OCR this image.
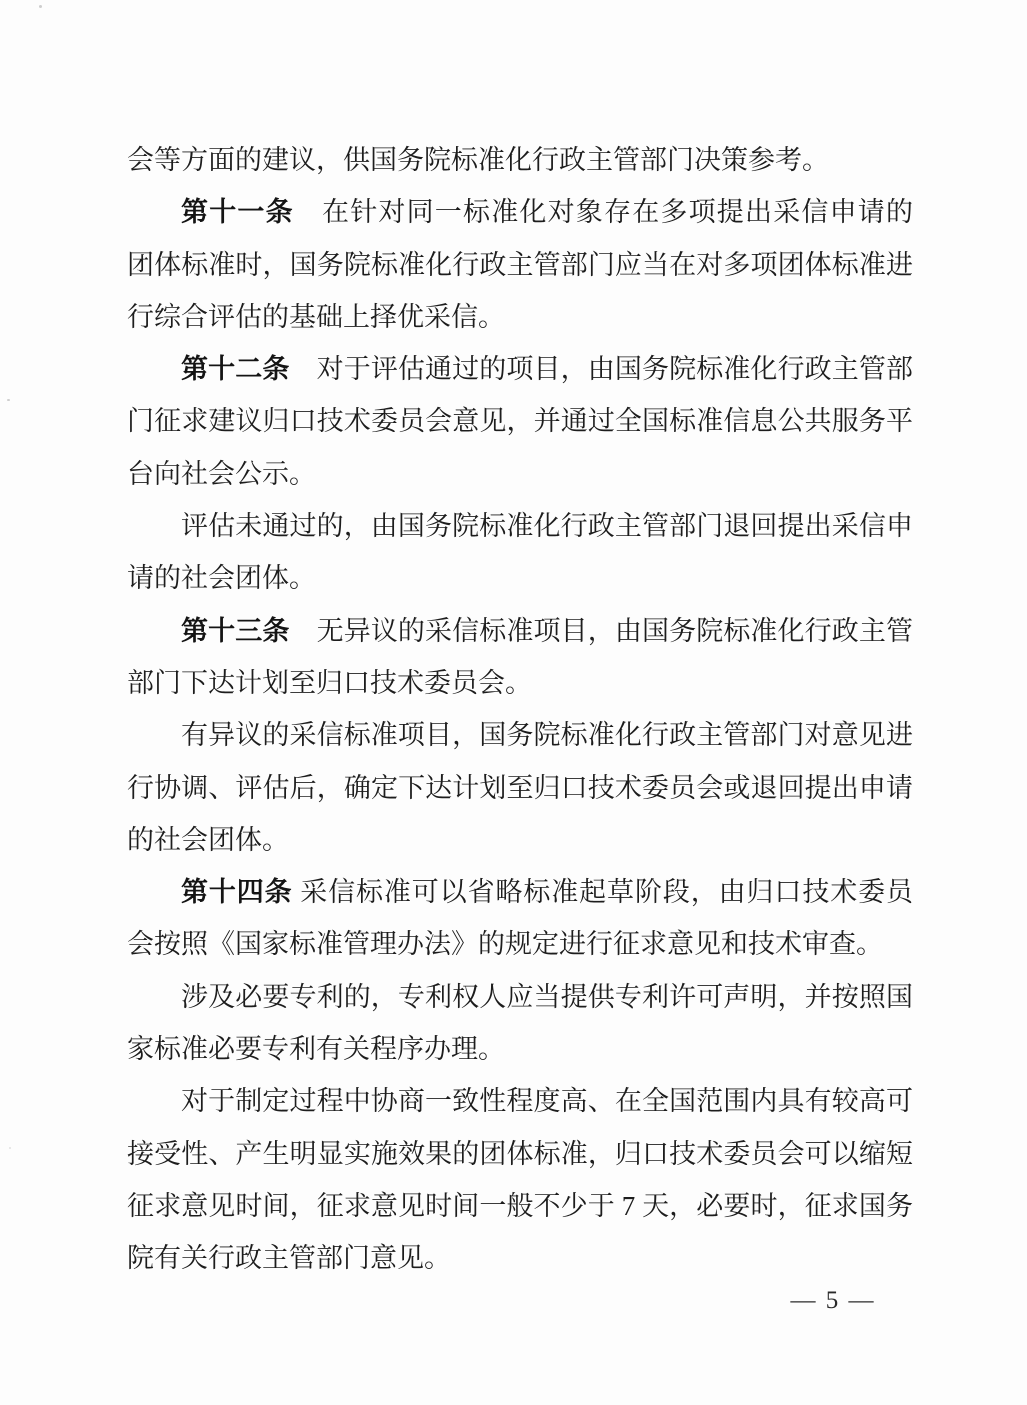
会等方面的建议，供国务院标准化行政主管部门决策参考。
第十一条　在针对同一标准化对象存在多项提出采信申请的
团体标准时，国务院标准化行政主管部门应当在对多项团体标准进
行综合评估的基础上择优采信。
第十二条　对于评估通过的项目，由国务院标准化行政主管部
门征求建议归口技术委员会意见，并通过全国标准信息公共服务平
台向社会公示。
评估未通过的，由国务院标准化行政主管部门退回提出采信申
请的社会团体。
第十三条　无异议的采信标准项目，由国务院标准化行政主管
部门下达计划至归口技术委员会。
有异议的采信标准项目，国务院标准化行政主管部门对意见进
行协调、评估后，确定下达计划至归口技术委员会或退回提出申请
的社会团体。
第十四条 采信标准可以省略标准起草阶段，由归口技术委员
会按照《国家标准管理办法》的规定进行征求意见和技术审查。
涉及必要专利的，专利权人应当提供专利许可声明，并按照国
家标准必要专利有关程序办理。
对于制定过程中协商一致性程度高、在全国范围内具有较高可
接受性、产生明显实施效果的团体标准，归口技术委员会可以缩短
征求意见时间，征求意见时间一般不少于 7 天，必要时，征求国务
院有关行政主管部门意见。
— 5 —
